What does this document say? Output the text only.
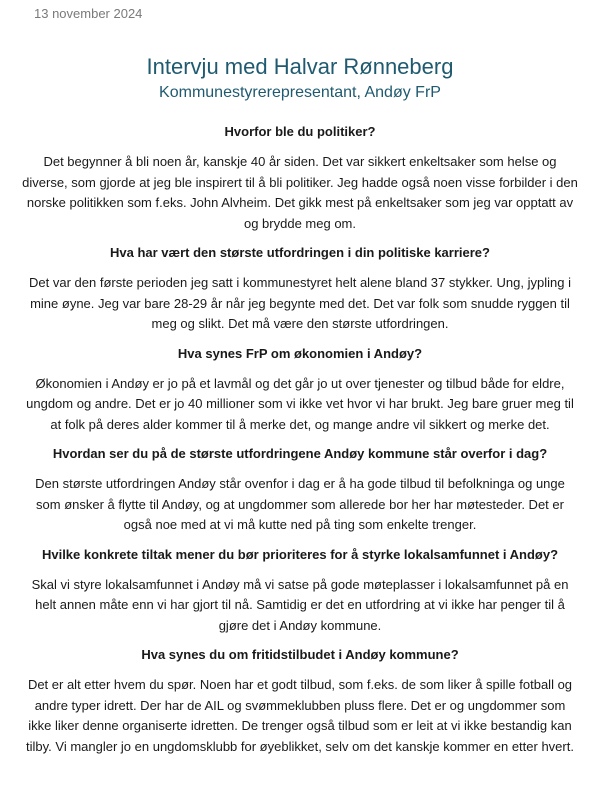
13 november 2024
Intervju med Halvar Rønneberg
Kommunestyrerepresentant, Andøy FrP
Hvorfor ble du politiker?
Det begynner å bli noen år, kanskje 40 år siden. Det var sikkert enkeltsaker som helse og diverse, som gjorde at jeg ble inspirert til å bli politiker. Jeg hadde også noen visse forbilder i den norske politikken som f.eks. John Alvheim. Det gikk mest på enkeltsaker som jeg var opptatt av og brydde meg om.
Hva har vært den største utfordringen i din politiske karriere?
Det var den første perioden jeg satt i kommunestyret helt alene bland 37 stykker. Ung, jypling i mine øyne. Jeg var bare 28-29 år når jeg begynte med det. Det var folk som snudde ryggen til meg og slikt. Det må være den største utfordringen.
Hva synes FrP om økonomien i Andøy?
Økonomien i Andøy er jo på et lavmål og det går jo ut over tjenester og tilbud både for eldre, ungdom og andre. Det er jo 40 millioner som vi ikke vet hvor vi har brukt. Jeg bare gruer meg til at folk på deres alder kommer til å merke det, og mange andre vil sikkert og merke det.
Hvordan ser du på de største utfordringene Andøy kommune står overfor i dag?
Den største utfordringen Andøy står ovenfor i dag er å ha gode tilbud til befolkninga og unge som ønsker å flytte til Andøy, og at ungdommer som allerede bor her har møtesteder. Det er også noe med at vi må kutte ned på ting som enkelte trenger.
Hvilke konkrete tiltak mener du bør prioriteres for å styrke lokalsamfunnet i Andøy?
Skal vi styre lokalsamfunnet i Andøy må vi satse på gode møteplasser i lokalsamfunnet på en helt annen måte enn vi har gjort til nå. Samtidig er det en utfordring at vi ikke har penger til å gjøre det i Andøy kommune.
Hva synes du om fritidstilbudet i Andøy kommune?
Det er alt etter hvem du spør. Noen har et godt tilbud, som f.eks. de som liker å spille fotball og andre typer idrett. Der har de AIL og svømmeklubben pluss flere. Det er og ungdommer som ikke liker denne organiserte idretten. De trenger også tilbud som er leit at vi ikke bestandig kan tilby. Vi mangler jo en ungdomsklubb for øyeblikket, selv om det kanskje kommer en etter hvert.
